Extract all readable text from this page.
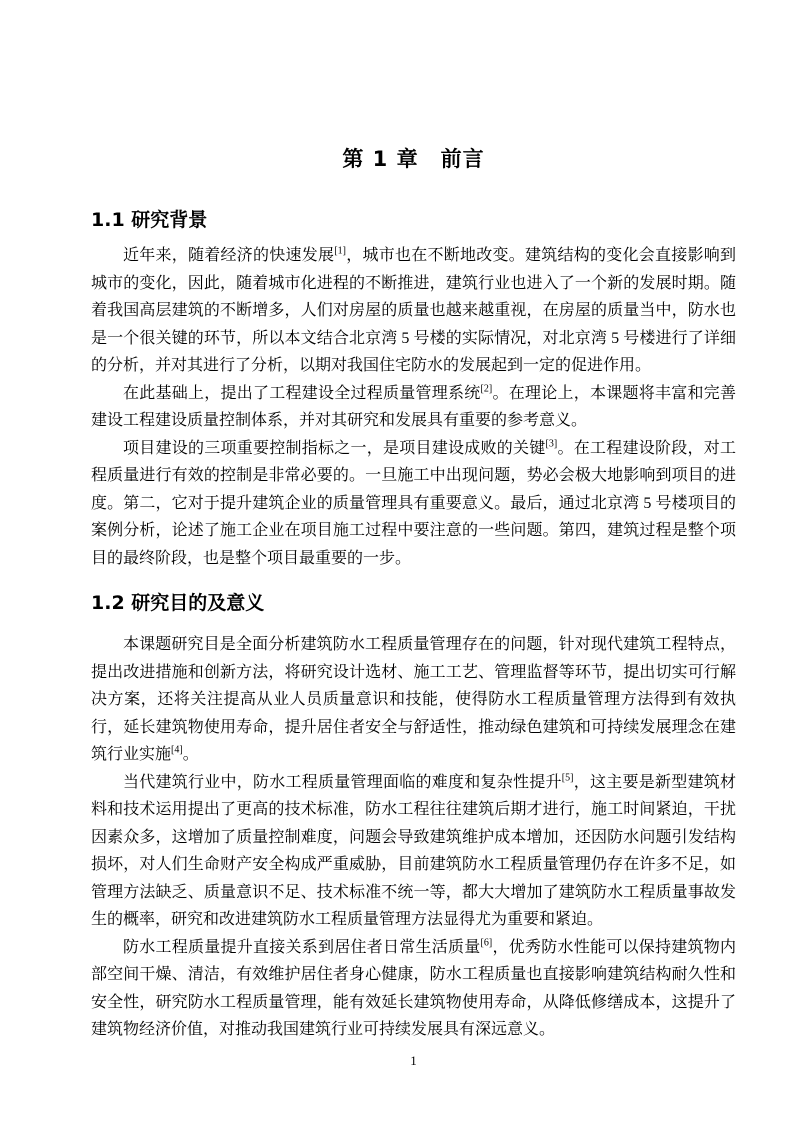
第 1 章　前言
1.1 研究背景

近年来，随着经济的快速发展[1]，城市也在不断地改变。建筑结构的变化会直接影响到城市的变化，因此，随着城市化进程的不断推进，建筑行业也进入了一个新的发展时期。随着我国高层建筑的不断增多，人们对房屋的质量也越来越重视，在房屋的质量当中，防水也是一个很关键的环节，所以本文结合北京湾 5 号楼的实际情况，对北京湾 5 号楼进行了详细的分析，并对其进行了分析，以期对我国住宅防水的发展起到一定的促进作用。

在此基础上，提出了工程建设全过程质量管理系统[2]。在理论上，本课题将丰富和完善建设工程建设质量控制体系，并对其研究和发展具有重要的参考意义。

项目建设的三项重要控制指标之一，是项目建设成败的关键[3]。在工程建设阶段，对工程质量进行有效的控制是非常必要的。一旦施工中出现问题，势必会极大地影响到项目的进度。第二，它对于提升建筑企业的质量管理具有重要意义。最后，通过北京湾 5 号楼项目的案例分析，论述了施工企业在项目施工过程中要注意的一些问题。第四，建筑过程是整个项目的最终阶段，也是整个项目最重要的一步。

1.2 研究目的及意义

本课题研究目是全面分析建筑防水工程质量管理存在的问题，针对现代建筑工程特点，提出改进措施和创新方法，将研究设计选材、施工工艺、管理监督等环节，提出切实可行解决方案，还将关注提高从业人员质量意识和技能，使得防水工程质量管理方法得到有效执行，延长建筑物使用寿命，提升居住者安全与舒适性，推动绿色建筑和可持续发展理念在建筑行业实施[4]。

当代建筑行业中，防水工程质量管理面临的难度和复杂性提升[5]，这主要是新型建筑材料和技术运用提出了更高的技术标准，防水工程往往建筑后期才进行，施工时间紧迫，干扰因素众多，这增加了质量控制难度，问题会导致建筑维护成本增加，还因防水问题引发结构损坏，对人们生命财产安全构成严重威胁，目前建筑防水工程质量管理仍存在许多不足，如管理方法缺乏、质量意识不足、技术标准不统一等，都大大增加了建筑防水工程质量事故发生的概率，研究和改进建筑防水工程质量管理方法显得尤为重要和紧迫。

防水工程质量提升直接关系到居住者日常生活质量[6]，优秀防水性能可以保持建筑物内部空间干燥、清洁，有效维护居住者身心健康，防水工程质量也直接影响建筑结构耐久性和安全性，研究防水工程质量管理，能有效延长建筑物使用寿命，从降低修缮成本，这提升了建筑物经济价值，对推动我国建筑行业可持续发展具有深远意义。

1
